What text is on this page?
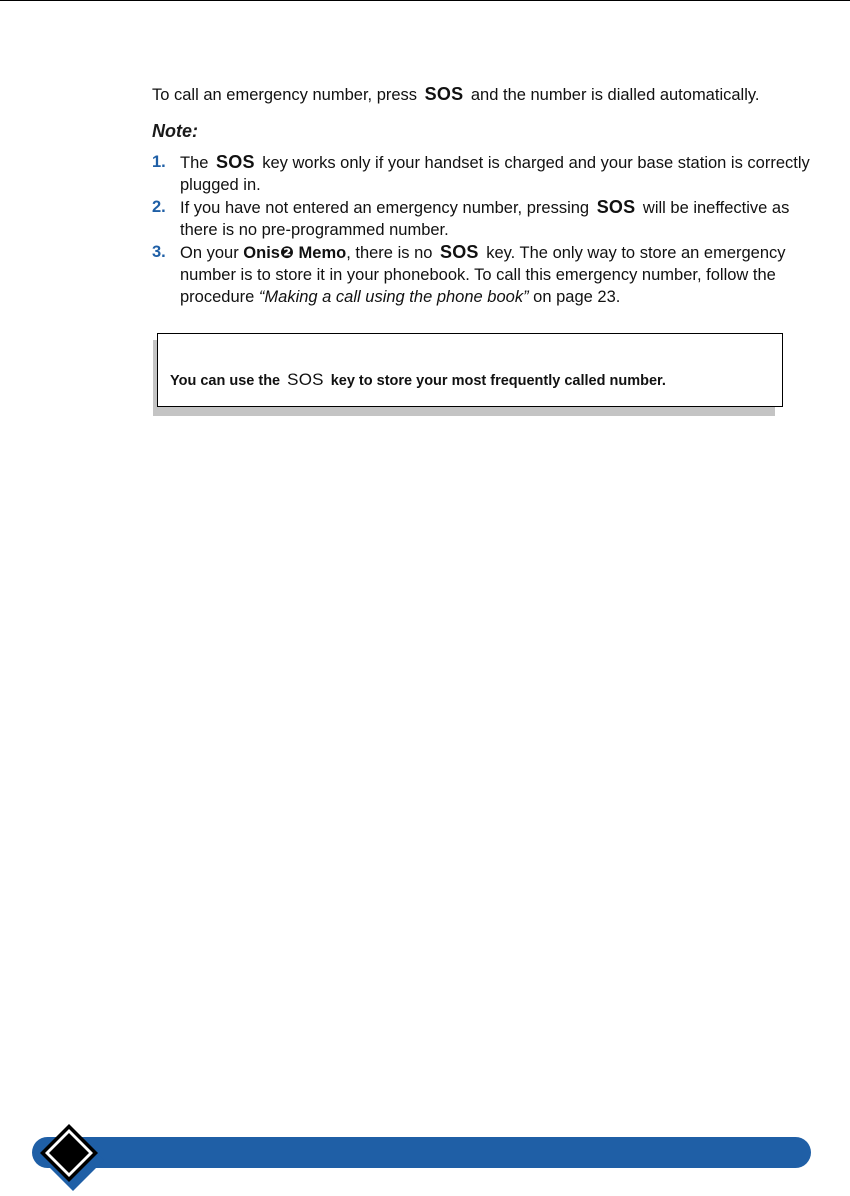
To call an emergency number, press SOS and the number is dialled automatically.

Note:
1. The SOS key works only if your handset is charged and your base station is correctly plugged in.
2. If you have not entered an emergency number, pressing SOS will be ineffective as there is no pre-programmed number.
3. On your Onis❷ Memo, there is no SOS key. The only way to store an emergency number is to store it in your phonebook. To call this emergency number, follow the procedure “Making a call using the phone book” on page 23.
You can use the SOS key to store your most frequently called number.
